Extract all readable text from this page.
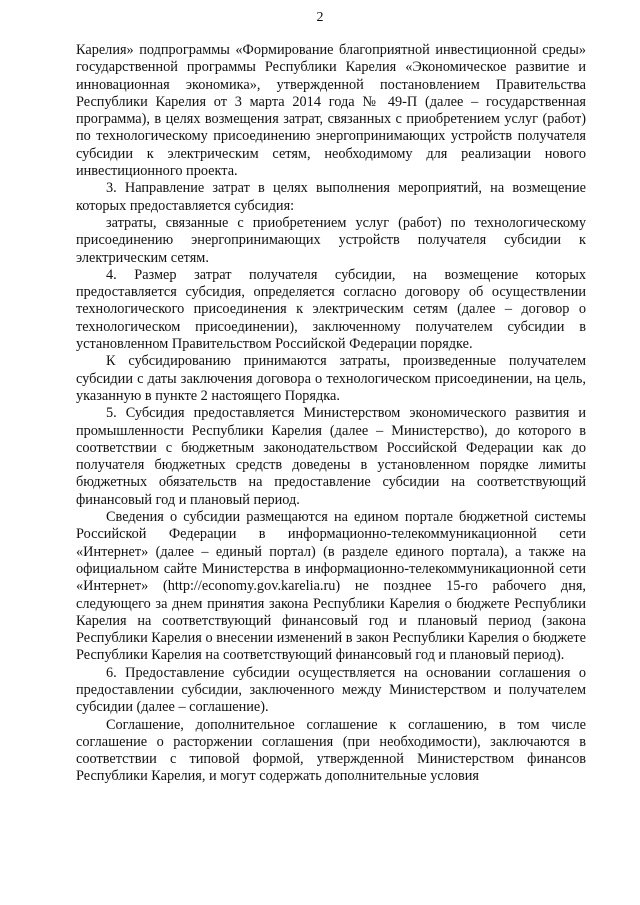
2

Карелия» подпрограммы «Формирование благоприятной инвестиционной среды» государственной программы Республики Карелия «Экономическое развитие и инновационная экономика», утвержденной постановлением Правительства Республики Карелия от 3 марта 2014 года № 49-П (далее – государственная программа), в целях возмещения затрат, связанных с приобретением услуг (работ) по технологическому присоединению энергопринимающих устройств получателя субсидии к электрическим сетям, необходимому для реализации нового инвестиционного проекта.

3. Направление затрат в целях выполнения мероприятий, на возмещение которых предоставляется субсидия:

затраты, связанные с приобретением услуг (работ) по технологическому присоединению энергопринимающих устройств получателя субсидии к электрическим сетям.

4. Размер затрат получателя субсидии, на возмещение которых предоставляется субсидия, определяется согласно договору об осуществлении технологического присоединения к электрическим сетям (далее – договор о технологическом присоединении), заключенному получателем субсидии в установленном Правительством Российской Федерации порядке.

К субсидированию принимаются затраты, произведенные получателем субсидии с даты заключения договора о технологическом присоединении, на цель, указанную в пункте 2 настоящего Порядка.

5. Субсидия предоставляется Министерством экономического развития и промышленности Республики Карелия (далее – Министерство), до которого в соответствии с бюджетным законодательством Российской Федерации как до получателя бюджетных средств доведены в установленном порядке лимиты бюджетных обязательств на предоставление субсидии на соответствующий финансовый год и плановый период.

Сведения о субсидии размещаются на едином портале бюджетной системы Российской Федерации в информационно-телекоммуникационной сети «Интернет» (далее – единый портал) (в разделе единого портала), а также на официальном сайте Министерства в информационно-телекоммуникационной сети «Интернет» (http://economy.gov.karelia.ru) не позднее 15-го рабочего дня, следующего за днем принятия закона Республики Карелия о бюджете Республики Карелия на соответствующий финансовый год и плановый период (закона Республики Карелия о внесении изменений в закон Республики Карелия о бюджете Республики Карелия на соответствующий финансовый год и плановый период).

6. Предоставление субсидии осуществляется на основании соглашения о предоставлении субсидии, заключенного между Министерством и получателем субсидии (далее – соглашение).

Соглашение, дополнительное соглашение к соглашению, в том числе соглашение о расторжении соглашения (при необходимости), заключаются в соответствии с типовой формой, утвержденной Министерством финансов Республики Карелия, и могут содержать дополнительные условия
